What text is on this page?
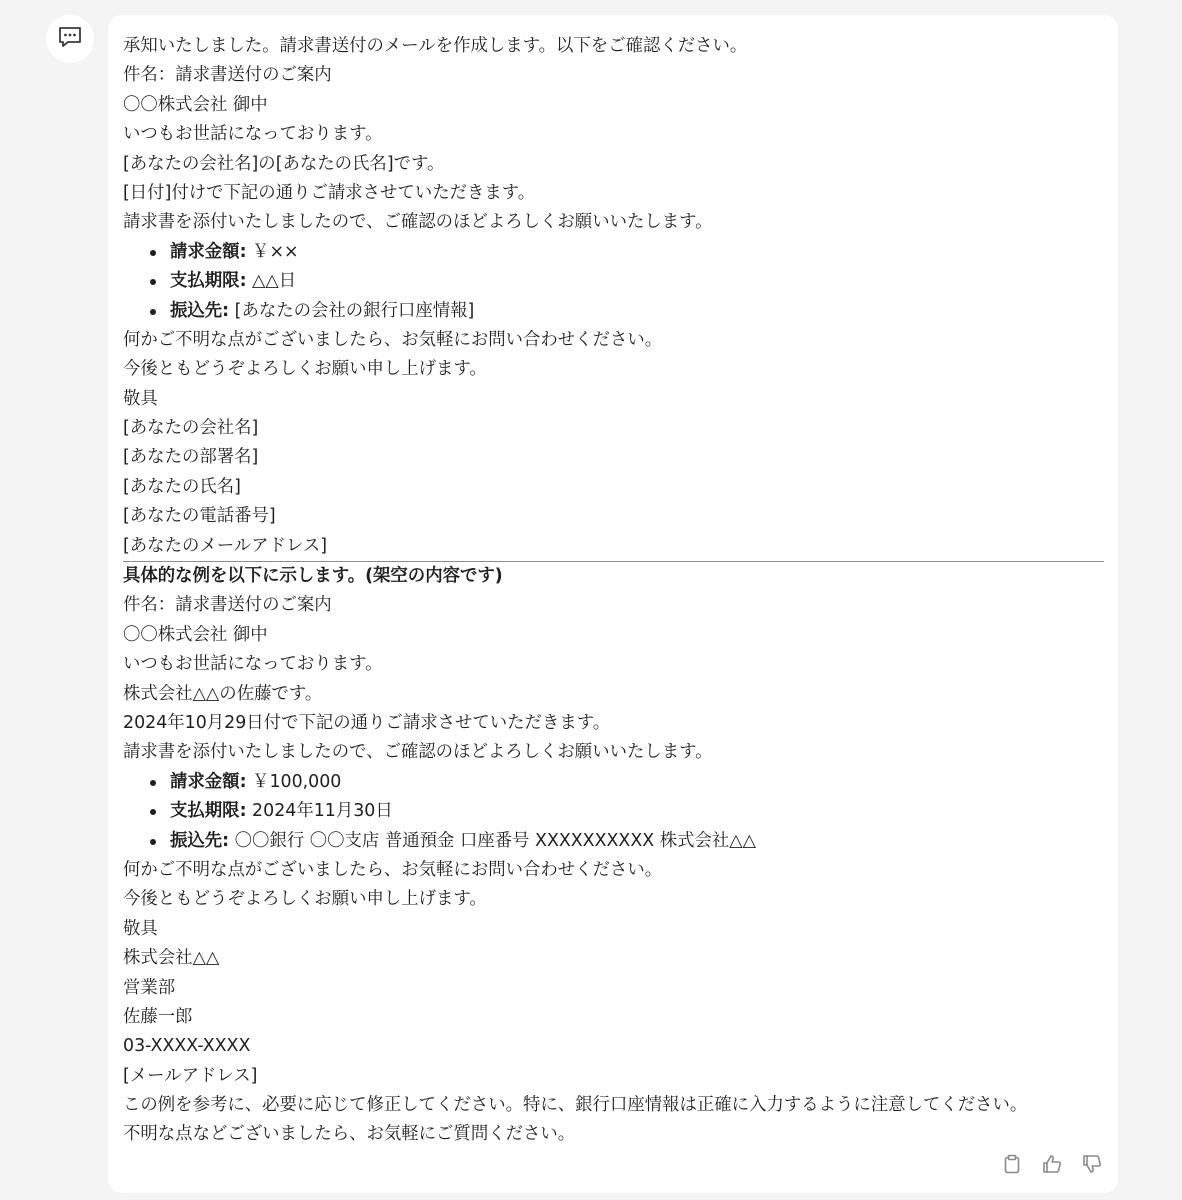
承知いたしました。請求書送付のメールを作成します。以下をご確認ください。
件名：請求書送付のご案内
〇〇株式会社 御中
いつもお世話になっております。
[あなたの会社名]の[あなたの氏名]です。
[日付]付けで下記の通りご請求させていただきます。
請求書を添付いたしましたので、ご確認のほどよろしくお願いいたします。
請求金額: ￥××
支払期限: △△日
振込先: [あなたの会社の銀行口座情報]
何かご不明な点がございましたら、お気軽にお問い合わせください。
今後ともどうぞよろしくお願い申し上げます。
敬具
[あなたの会社名]
[あなたの部署名]
[あなたの氏名]
[あなたの電話番号]
[あなたのメールアドレス]
具体的な例を以下に示します。(架空の内容です)
件名：請求書送付のご案内
〇〇株式会社 御中
いつもお世話になっております。
株式会社△△の佐藤です。
2024年10月29日付で下記の通りご請求させていただきます。
請求書を添付いたしましたので、ご確認のほどよろしくお願いいたします。
請求金額: ￥100,000
支払期限: 2024年11月30日
振込先: 〇〇銀行 〇〇支店 普通預金 口座番号 XXXXXXXXXX 株式会社△△
何かご不明な点がございましたら、お気軽にお問い合わせください。
今後ともどうぞよろしくお願い申し上げます。
敬具
株式会社△△
営業部
佐藤一郎
03-XXXX-XXXX
[メールアドレス]
この例を参考に、必要に応じて修正してください。特に、銀行口座情報は正確に入力するように注意してください。
不明な点などございましたら、お気軽にご質問ください。
